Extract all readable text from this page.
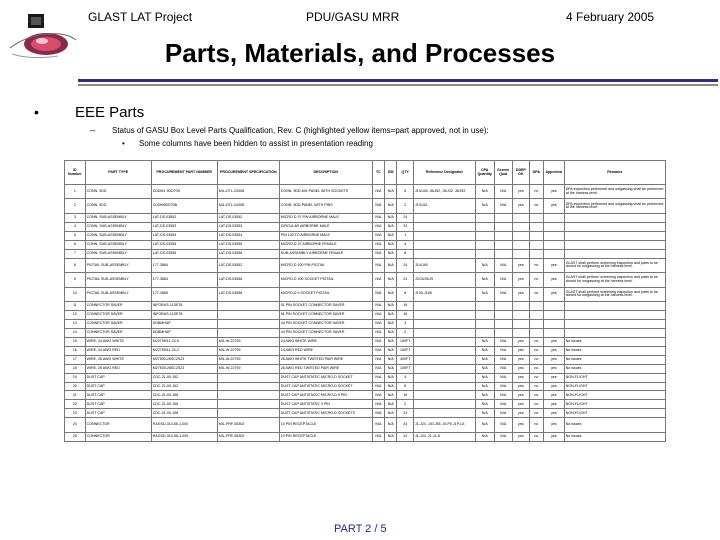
GLAST LAT Project	PDU/GASU MRR	4 February 2005
Parts, Materials, and Processes
• EEE Parts
– Status of GASU Box Level Parts Qualification, Rev. C (highlighted yellow items=part approved, not in use):
• Some columns have been hidden to assist in presentation reading
ID Number	PART TYPE	PROCUREMENT PART NUMBER	PROCUREMENT SPECIFICATION	DESCRIPTION	TC	EM	QTY	Reference Designator	CPA Quantity	Screen Qual	DDEP OK	DPA	Approved	Remarks
1	CONN, 9DD	CDDM1 9DD70S	MIL-DTL-24308	CONN, 9DD-MIL PANEL WITH SOCKETS	N/A	N/A	5	J14/J45, J6/J52, J6/J32, J6/J53	N/A	N/A	yes	no	yes	DPA inspection performed and outgassing shall be performed at the harness level.
2	CONN, 9DD	CDDM9DD70B	MIL-DTL-24308	CONN, 9DD-PANEL WITH PINS	N/A	N/A	2	J14/J41	N/A	N/A	yes	no	yes	DPA inspection performed and outgassing shall be performed at the harness level.
3	CONN, SUB-ASSEMBLY	LAT-DS-03552	LAT-DS-03552	MICRO-D 37 PIN AIRBORNE MALE	N/A	N/A	24							
4	CONN, SUB-ASSEMBLY	LAT-DS-03553	LAT-DS-03553	CIRCULAR AIRBORNE MALE	N/A	N/A	24							
5	CONN, SUB-ASSEMBLY	LAT-DS-03554	LAT-DS-03554	PIN 100 TO AIRBORNE MALE	N/A	N/A	1							
6	CONN, SUB-ASSEMBLY	LAT-DS-03555	LAT-DS-03555	MICRO-D 37 AIRBORNE FEMALE	N/A	N/A	4							
7	CONN, SUB-ASSEMBLY	LAT-DS-03556	LAT-DS-03556	SUB-ASSEMBLY AIRBORNE FEMALE	N/A	N/A	8							
8	PIGTAIL SUB-ASSEMBLY	177-3864	LAT-DS-03552	MICRO-D 100 PIN PIGTAIL	N/A	N/A	24	J14/J45	N/A	N/A	yes	no	yes	GLAST shall perform screening inspection and parts to be closed for outgassing at the harness level.
9	PIGTAIL SUB-ASSEMBLY	177-3864	LAT-DS-03556	MICRO-D 100 SOCKET PIGTAIL	N/A	N/A	24	J3/J4/J5/J9	N/A	N/A	yes	no	yes	GLAST shall perform screening inspection and parts to be closed for outgassing at the harness level.
10	PIGTAIL SUB-ASSEMBLY	177-3865	LAT-DS-03556	MICRO-D 9 SOCKET PIGTAIL	N/A	N/A	6	J130-J165	N/A	N/A	yes	no	yes	GLAST shall perform screening inspection and parts to be closed for outgassing at the harness level.
11	CONNECTOR SAVER	INFOBUS-11SE78		51 PIN SOCKET CONNECTOR SAVER	N/A	N/A	16							
12	CONNECTOR SAVER	INFOBUS-11SE78		51 PIN SOCKET CONNECTOR SAVER	N/A	N/A	16							
13	CONNECTOR SAVER	DDBMHAP		44 PIN SOCKET CONNECTOR SAVER	N/A	N/A	3							
14	CONNECTOR SAVER	DDBMHAP		44 PIN SOCKET CONNECTOR SAVER	N/A	N/A	2							
15	WIRE, 24 AWG WHITE	M22759/11-24-9	MIL-W-22759	24 AWG WHITE WIRE	N/A	N/A	150FT		N/A	N/A	yes	no	yes	No issues
16	WIRE, 24 AWG RED	M22759/11-24-2	MIL-W-22759	24 AWG RED WIRE	N/A	N/A	150FT		N/A	N/A	yes	no	yes	No issues
17	WIRE, 26 AWG WHITE	M27500-26SC2S23	MIL-W-22759	26 AWG WHITE TWISTED PAIR WIRE	N/A	N/A	400FT		N/A	N/A	yes	no	yes	No issues
18	WIRE, 26 AWG RED	M27500-26SC2S23	MIL-W-22759	26 AWG RED TWISTED PAIR WIRE	N/A	N/A	100FT		N/A	N/A	yes	no	yes	No issues
19	DUST CAP	CDC-21-00-152		DUST CAP ANTISTATIC MICRO-D SOCKET	N/A	N/A	4		N/A	N/A	yes	no	yes	NON-FLIGHT
20	DUST CAP	CDC-21-00-152		DUST CAP ANTISTATIC MICRO-D SOCKET	N/A	N/A	6		N/A	N/A	yes	no	yes	NON-FLIGHT
21	DUST CAP	CDC-21-00-158		DUST CAP ANTISTATIC MICRO-D 9 PIN	N/A	N/A	16		N/A	N/A	yes	no	yes	NON-FLIGHT
22	DUST CAP	CDC-21-00-158		DUST CAP ANTISTATIC 9 PIN	N/A	N/A	2		N/A	N/A	yes	no	yes	NON-FLIGHT
23	DUST CAP	CDC-21-00-158		DUST CAP ANTISTATIC MICRO-D SOCKETS	N/A	N/A	24		N/A	N/A	yes	no	yes	NON-FLIGHT
24	CONNECTOR	RAGSD-310-56-1-000	MIL-PRF-55302	10 PIN RECEPTACLE	N/A	N/A	24	J1-J24, J30-J55, J5-P5 J1P1-8	N/A	N/A	yes	no	yes	No issues
25	CONNECTOR	RAGSD-310-56-1-000	MIL-PRF-55302	10 PIN RECEPTACLE	N/A	N/A	24	J1-J24, J1-J1-8	N/A	N/A	yes	no	yes	No issues
PART 2 / 5
